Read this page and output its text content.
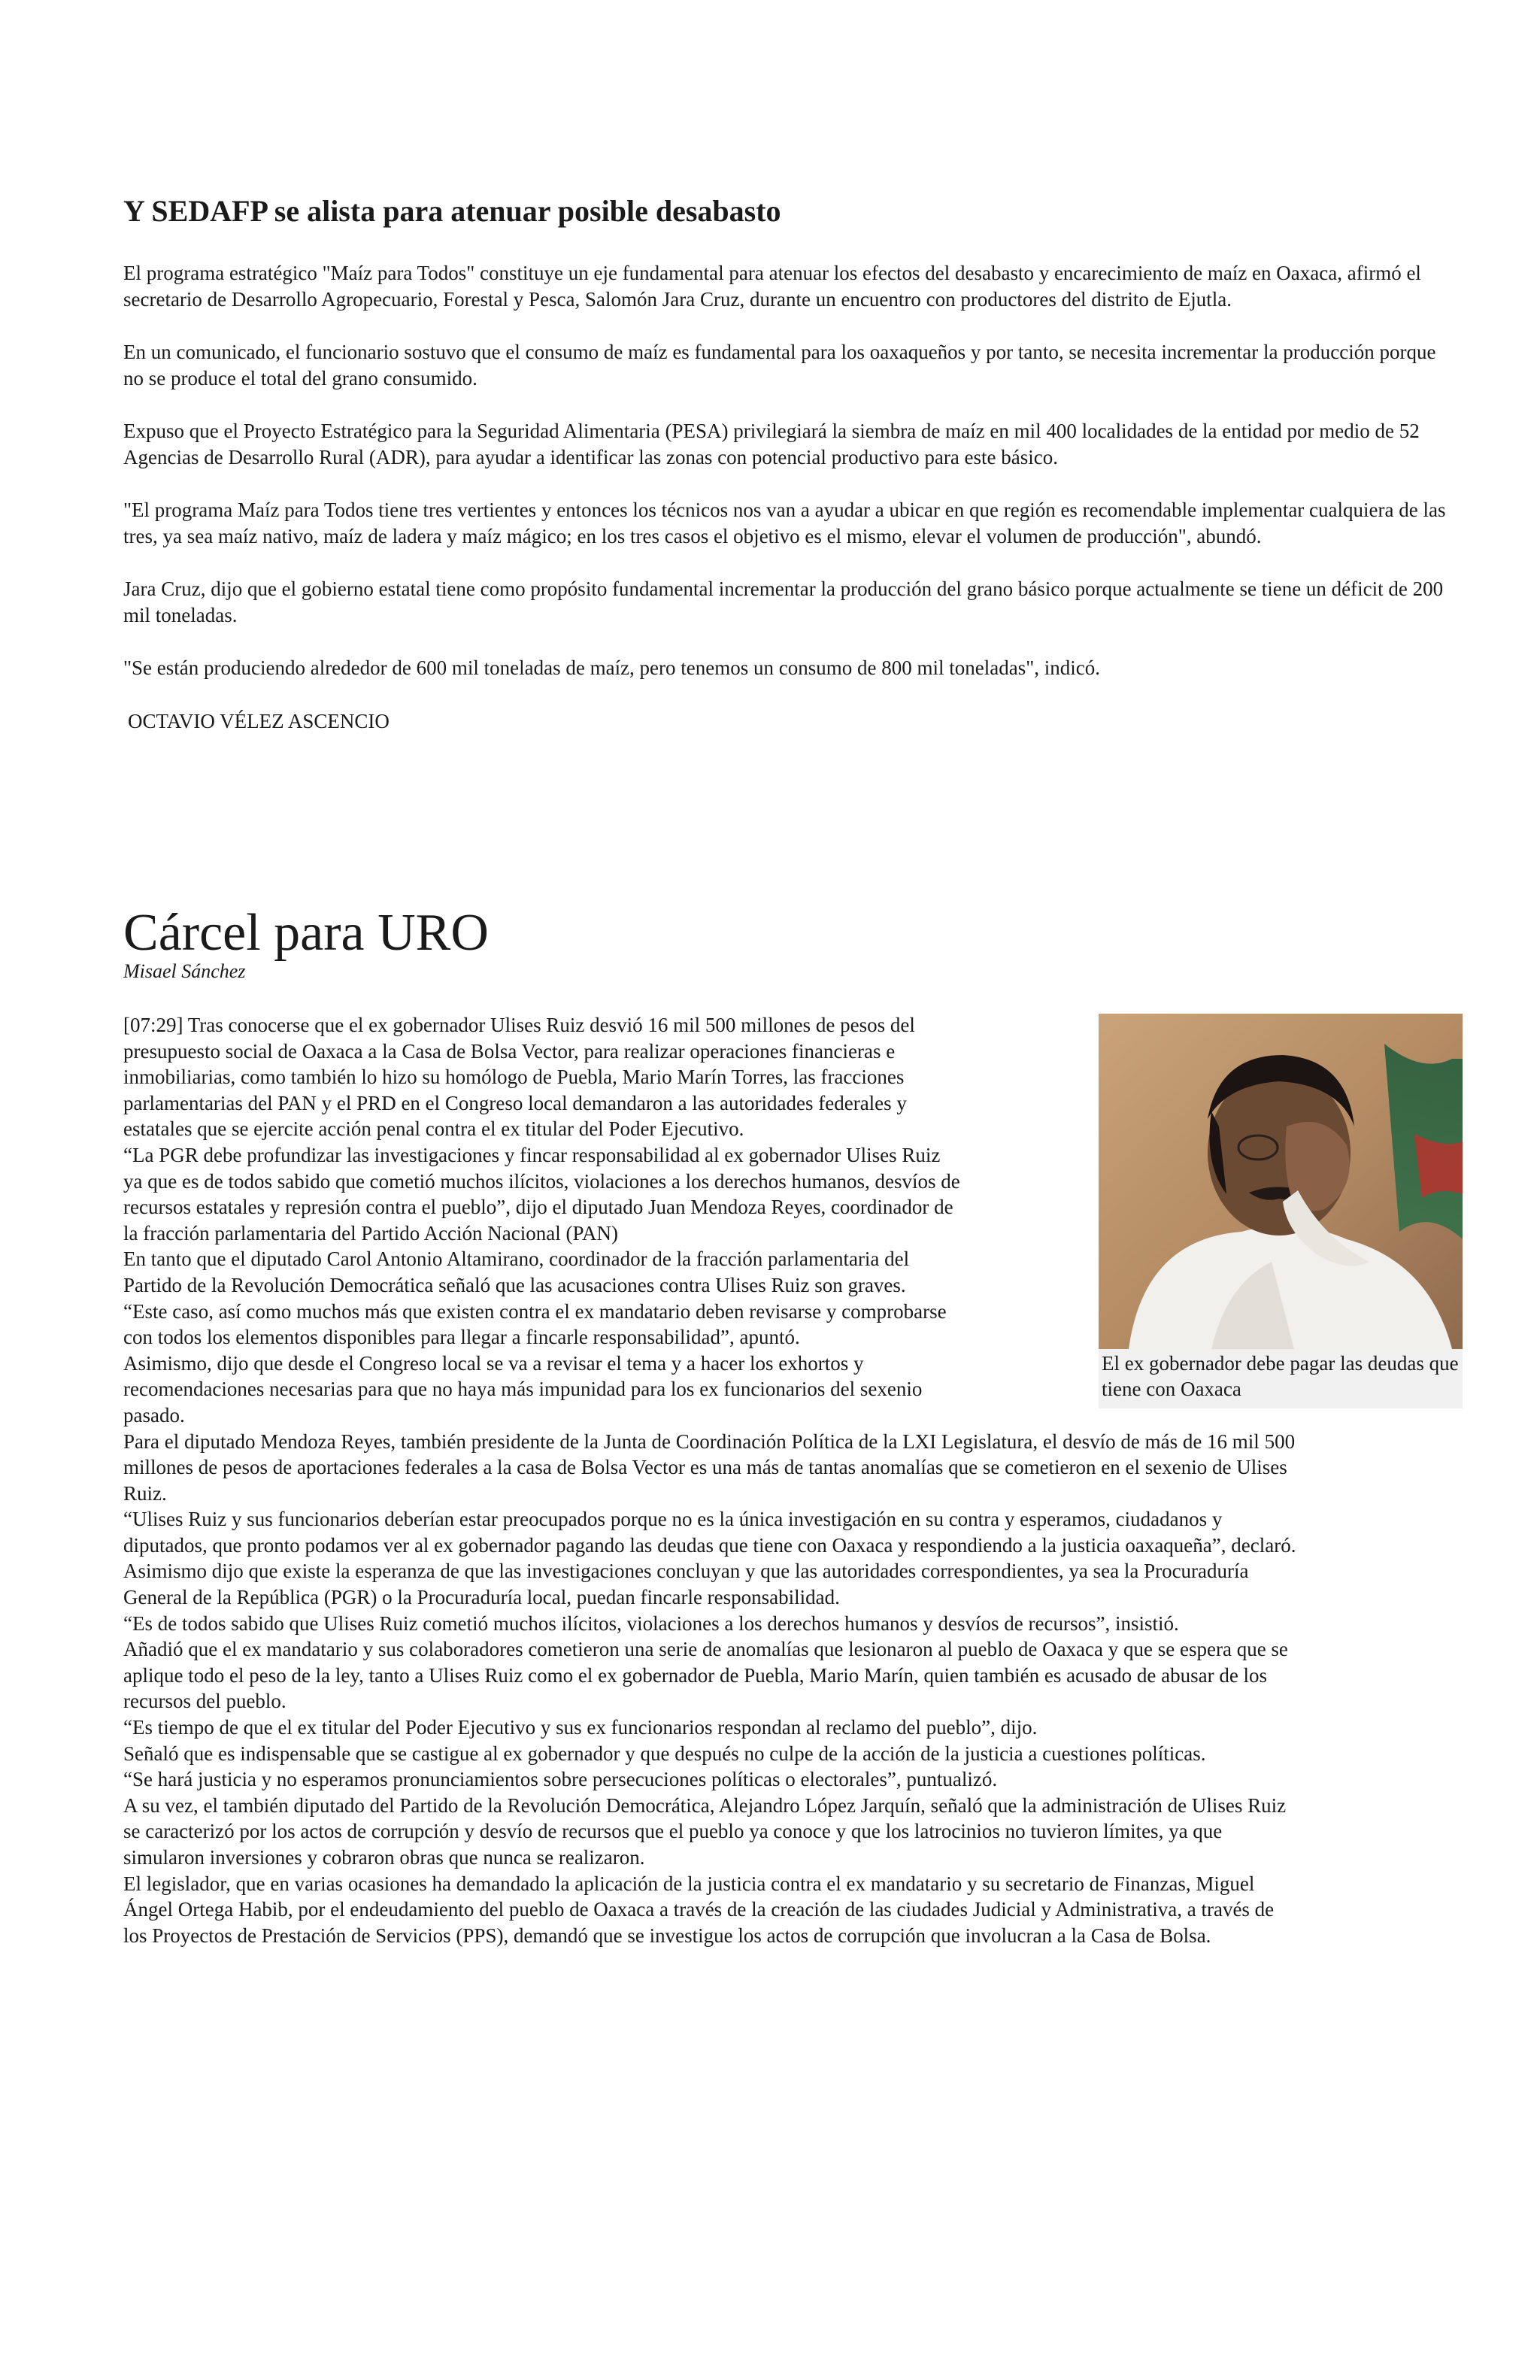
Y SEDAFP se alista para atenuar posible desabasto

El programa estratégico "Maíz para Todos" constituye un eje fundamental para atenuar los efectos del desabasto y encarecimiento de maíz en Oaxaca, afirmó el secretario de Desarrollo Agropecuario, Forestal y Pesca, Salomón Jara Cruz, durante un encuentro con productores del distrito de Ejutla.

En un comunicado, el funcionario sostuvo que el consumo de maíz es fundamental para los oaxaqueños y por tanto, se necesita incrementar la producción porque no se produce el total del grano consumido.

Expuso que el Proyecto Estratégico para la Seguridad Alimentaria (PESA) privilegiará la siembra de maíz en mil 400 localidades de la entidad por medio de 52 Agencias de Desarrollo Rural (ADR), para ayudar a identificar las zonas con potencial productivo para este básico.

"El programa Maíz para Todos tiene tres vertientes y entonces los técnicos nos van a ayudar a ubicar en que región es recomendable implementar cualquiera de las tres, ya sea maíz nativo, maíz de ladera y maíz mágico; en los tres casos el objetivo es el mismo, elevar el volumen de producción", abundó.

Jara Cruz, dijo que el gobierno estatal tiene como propósito fundamental incrementar la producción del grano básico porque actualmente se tiene un déficit de 200 mil toneladas.

"Se están produciendo alrededor de 600 mil toneladas de maíz, pero tenemos un consumo de 800 mil toneladas", indicó.

OCTAVIO VÉLEZ ASCENCIO
Cárcel para URO
Misael Sánchez
[07:29] Tras conocerse que el ex gobernador Ulises Ruiz desvió 16 mil 500 millones de pesos del
presupuesto social de Oaxaca a la Casa de Bolsa Vector, para realizar operaciones financieras e
inmobiliarias, como también lo hizo su homólogo de Puebla, Mario Marín Torres, las fracciones
parlamentarias del PAN y el PRD en el Congreso local demandaron a las autoridades federales y
estatales que se ejercite acción penal contra el ex titular del Poder Ejecutivo.
“La PGR debe profundizar las investigaciones y fincar responsabilidad al ex gobernador Ulises Ruiz
ya que es de todos sabido que cometió muchos ilícitos, violaciones a los derechos humanos, desvíos de
recursos estatales y represión contra el pueblo”, dijo el diputado Juan Mendoza Reyes, coordinador de
la fracción parlamentaria del Partido Acción Nacional (PAN)
En tanto que el diputado Carol Antonio Altamirano, coordinador de la fracción parlamentaria del
Partido de la Revolución Democrática señaló que las acusaciones contra Ulises Ruiz son graves.
“Este caso, así como muchos más que existen contra el ex mandatario deben revisarse y comprobarse
con todos los elementos disponibles para llegar a fincarle responsabilidad”, apuntó.
Asimismo, dijo que desde el Congreso local se va a revisar el tema y a hacer los exhortos y
recomendaciones necesarias para que no haya más impunidad para los ex funcionarios del sexenio
pasado.
Para el diputado Mendoza Reyes, también presidente de la Junta de Coordinación Política de la LXI Legislatura, el desvío de más de 16 mil 500
millones de pesos de aportaciones federales a la casa de Bolsa Vector es una más de tantas anomalías que se cometieron en el sexenio de Ulises
Ruiz.
“Ulises Ruiz y sus funcionarios deberían estar preocupados porque no es la única investigación en su contra y esperamos, ciudadanos y
diputados, que pronto podamos ver al ex gobernador pagando las deudas que tiene con Oaxaca y respondiendo a la justicia oaxaqueña”, declaró.
Asimismo dijo que existe la esperanza de que las investigaciones concluyan y que las autoridades correspondientes, ya sea la Procuraduría
General de la República (PGR) o la Procuraduría local, puedan fincarle responsabilidad.
“Es de todos sabido que Ulises Ruiz cometió muchos ilícitos, violaciones a los derechos humanos y desvíos de recursos”, insistió.
Añadió que el ex mandatario y sus colaboradores cometieron una serie de anomalías que lesionaron al pueblo de Oaxaca y que se espera que se
aplique todo el peso de la ley, tanto a Ulises Ruiz como el ex gobernador de Puebla, Mario Marín, quien también es acusado de abusar de los
recursos del pueblo.
“Es tiempo de que el ex titular del Poder Ejecutivo y sus ex funcionarios respondan al reclamo del pueblo”, dijo.
Señaló que es indispensable que se castigue al ex gobernador y que después no culpe de la acción de la justicia a cuestiones políticas.
“Se hará justicia y no esperamos pronunciamientos sobre persecuciones políticas o electorales”, puntualizó.
A su vez, el también diputado del Partido de la Revolución Democrática, Alejandro López Jarquín, señaló que la administración de Ulises Ruiz
se caracterizó por los actos de corrupción y desvío de recursos que el pueblo ya conoce y que los latrocinios no tuvieron límites, ya que
simularon inversiones y cobraron obras que nunca se realizaron.
El legislador, que en varias ocasiones ha demandado la aplicación de la justicia contra el ex mandatario y su secretario de Finanzas, Miguel
Ángel Ortega Habib, por el endeudamiento del pueblo de Oaxaca a través de la creación de las ciudades Judicial y Administrativa, a través de
los Proyectos de Prestación de Servicios (PPS), demandó que se investigue los actos de corrupción que involucran a la Casa de Bolsa.
El ex gobernador debe pagar las deudas que tiene con Oaxaca
